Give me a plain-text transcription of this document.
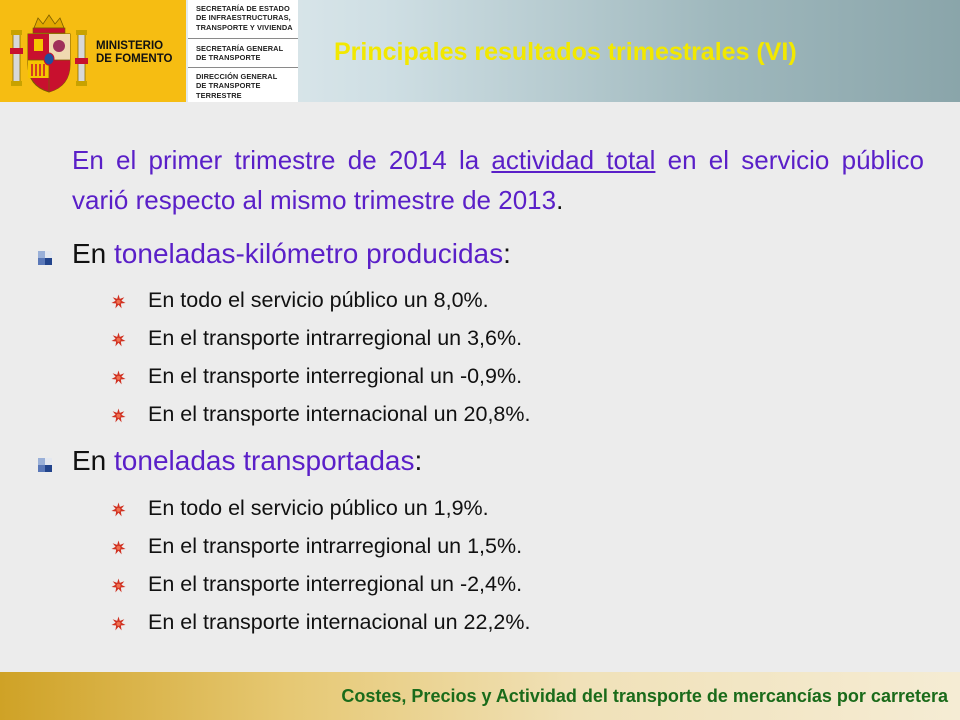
MINISTERIO
DE FOMENTO
SECRETARÍA DE ESTADO
DE INFRAESTRUCTURAS,
TRANSPORTE Y VIVIENDA
SECRETARÍA GENERAL
DE TRANSPORTE
DIRECCIÓN GENERAL
DE TRANSPORTE
TERRESTRE
Principales resultados trimestrales (VI)
En el primer trimestre de 2014 la actividad total en el servicio público varió respecto al mismo trimestre de 2013.
En toneladas-kilómetro producidas:
En todo el servicio público un 8,0%.
En el transporte intrarregional un 3,6%.
En el transporte interregional un -0,9%.
En el transporte internacional un 20,8%.
En toneladas transportadas:
En todo el servicio público un 1,9%.
En el transporte intrarregional un 1,5%.
En el transporte interregional un -2,4%.
En el transporte internacional un 22,2%.
Costes, Precios y Actividad del transporte de mercancías por carretera
